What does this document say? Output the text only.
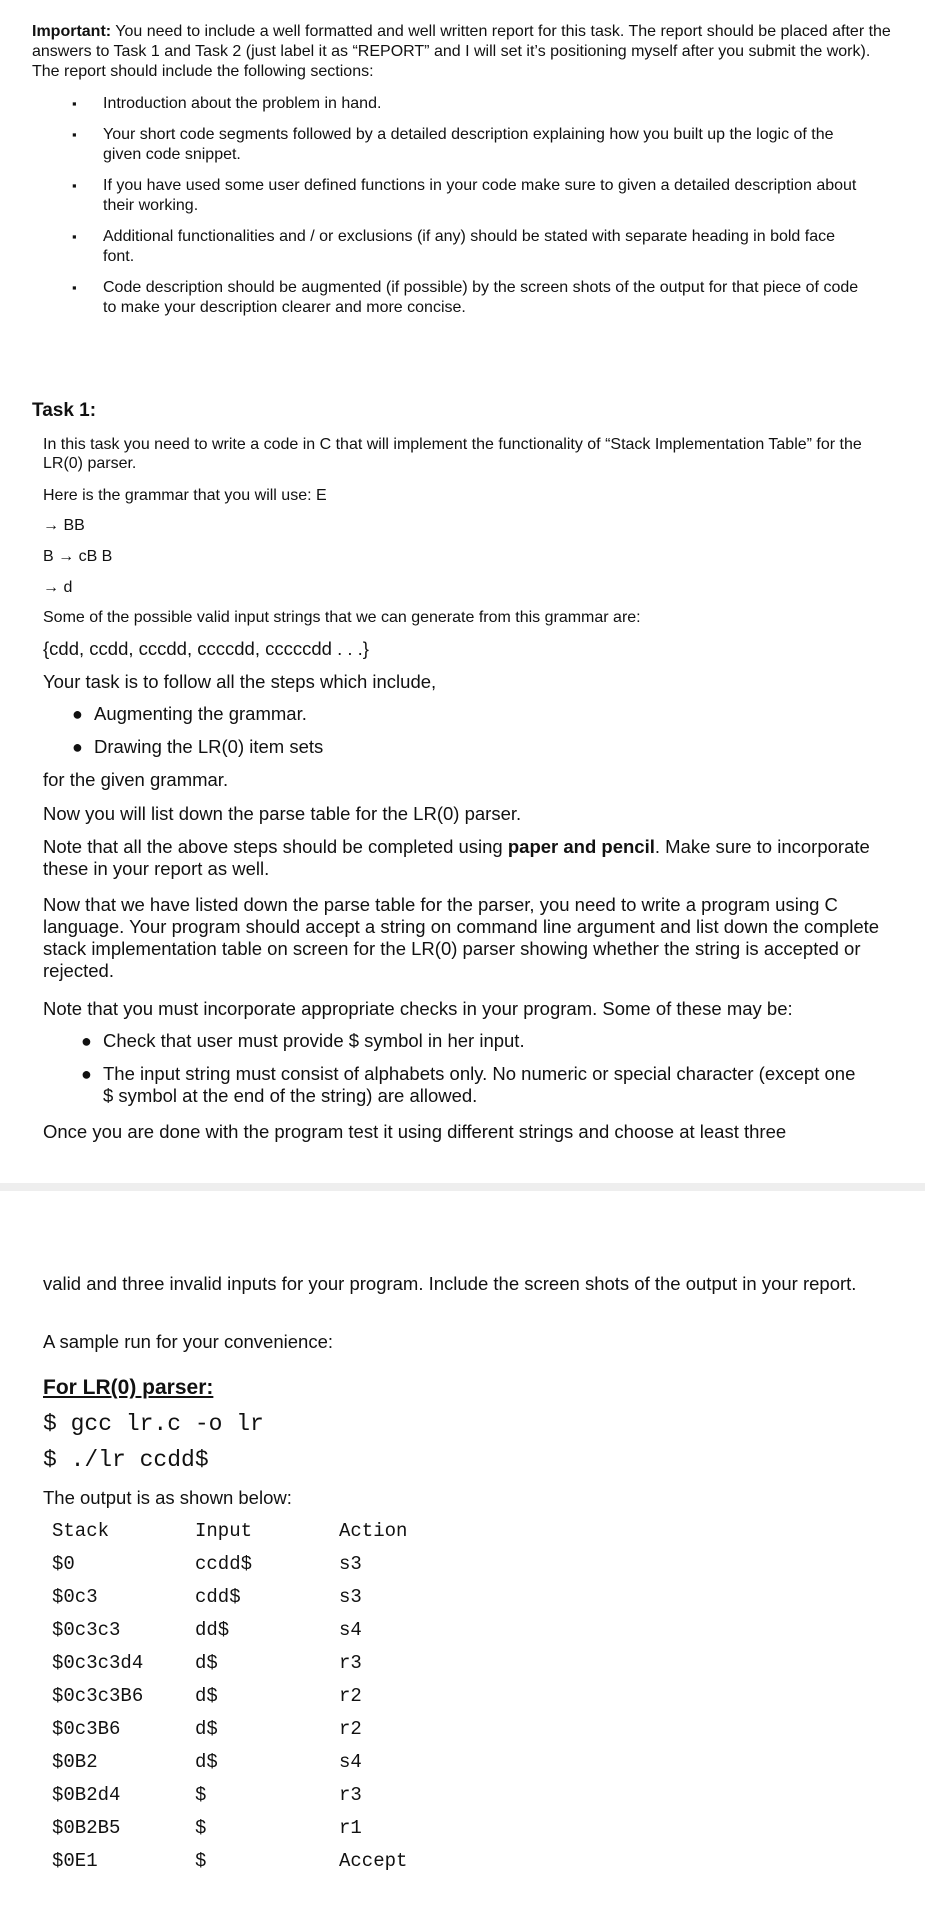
Important: You need to include a well formatted and well written report for this task. The report should be placed after the answers to Task 1 and Task 2 (just label it as “REPORT” and I will set it’s positioning myself after you submit the work). The report should include the following sections:
▪ Introduction about the problem in hand.
▪ Your short code segments followed by a detailed description explaining how you built up the logic of the given code snippet.
▪ If you have used some user defined functions in your code make sure to given a detailed description about their working.
▪ Additional functionalities and / or exclusions (if any) should be stated with separate heading in bold face font.
▪ Code description should be augmented (if possible) by the screen shots of the output for that piece of code to make your description clearer and more concise.
Task 1:
In this task you need to write a code in C that will implement the functionality of “Stack Implementation Table” for the LR(0) parser.
Here is the grammar that you will use: E
→ BB
B → cB B
→ d
Some of the possible valid input strings that we can generate from this grammar are:
{cdd, ccdd, cccdd, ccccdd, cccccdd . . .}
Your task is to follow all the steps which include,
● Augmenting the grammar.
● Drawing the LR(0) item sets
for the given grammar.
Now you will list down the parse table for the LR(0) parser.
Note that all the above steps should be completed using paper and pencil. Make sure to incorporate these in your report as well.
Now that we have listed down the parse table for the parser, you need to write a program using C language. Your program should accept a string on command line argument and list down the complete stack implementation table on screen for the LR(0) parser showing whether the string is accepted or rejected.
Note that you must incorporate appropriate checks in your program. Some of these may be:
● Check that user must provide $ symbol in her input.
● The input string must consist of alphabets only. No numeric or special character (except one $ symbol at the end of the string) are allowed.
Once you are done with the program test it using different strings and choose at least three
valid and three invalid inputs for your program. Include the screen shots of the output in your report.
A sample run for your convenience:
For LR(0) parser:
$ gcc lr.c -o lr
$ ./lr ccdd$
The output is as shown below:
Stack	Input	Action
$0	ccdd$	s3
$0c3	cdd$	s3
$0c3c3	dd$	s4
$0c3c3d4	d$	r3
$0c3c3B6	d$	r2
$0c3B6	d$	r2
$0B2	d$	s4
$0B2d4	$	r3
$0B2B5	$	r1
$0E1	$	Accept
